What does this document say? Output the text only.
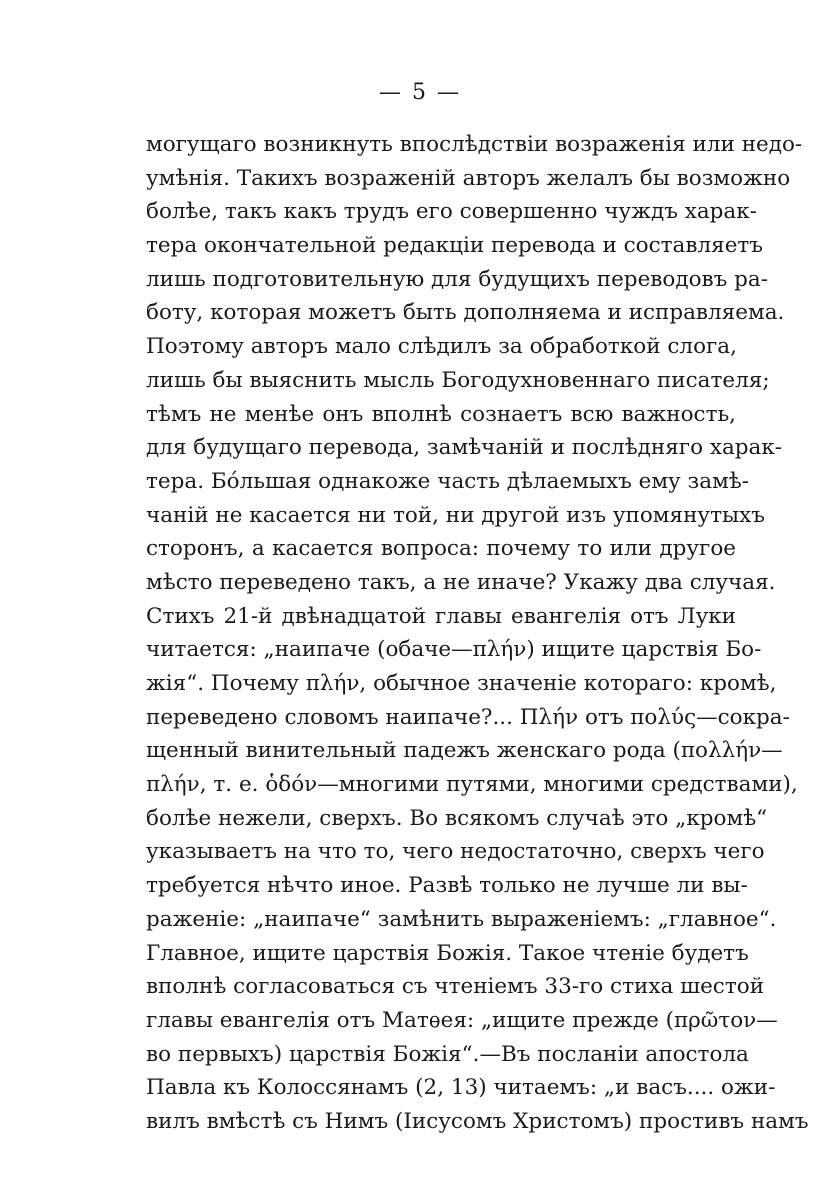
— 5 —
могущаго возникнуть впослѣдствіи возраженія или недо-
умѣнія. Такихъ возраженій авторъ желалъ бы возможно
болѣе, такъ какъ трудъ его совершенно чуждъ харак-
тера окончательной редакціи перевода и составляетъ
лишь подготовительную для будущихъ переводовъ ра-
боту, которая можетъ быть дополняема и исправляема.
Поэтому авторъ мало слѣдилъ за обработкой слога,
лишь бы выяснить мысль Богодухновеннаго писателя;
тѣмъ не менѣе онъ вполнѣ сознаетъ всю важность,
для будущаго перевода, замѣчаній и послѣдняго харак-
тера. Бóльшая однакоже часть дѣлаемыхъ ему замѣ-
чаній не касается ни той, ни другой изъ упомянутыхъ
сторонъ, а касается вопроса: почему то или другое
мѣсто переведено такъ, а не иначе? Укажу два случая.
Стихъ 21-й двѣнадцатой главы евангелія отъ Луки
читается: „наипаче (обаче—πλήν) ищите царствія Бо-
жія“. Почему πλήν, обычное значеніе котораго: кромѣ,
переведено словомъ наипаче?... Πλήν отъ πολύς—сокра-
щенный винительный падежъ женскаго рода (πολλήν—
πλήν, т. е. ὁδόν—многими путями, многими средствами),
болѣе нежели, сверхъ. Во всякомъ случаѣ это „кромѣ“
указываетъ на что то, чего недостаточно, сверхъ чего
требуется нѣчто иное. Развѣ только не лучше ли вы-
раженіе: „наипаче“ замѣнить выраженіемъ: „главное“.
Главное, ищите царствія Божія. Такое чтеніе будетъ
вполнѣ согласоваться съ чтеніемъ 33-го стиха шестой
главы евангелія отъ Матѳея: „ищите прежде (πρῶτον—
во первыхъ) царствія Божія“.—Въ посланіи апостола
Павла къ Колоссянамъ (2, 13) читаемъ: „и васъ.... ожи-
вилъ вмѣстѣ съ Нимъ (Іисусомъ Христомъ) простивъ намъ
